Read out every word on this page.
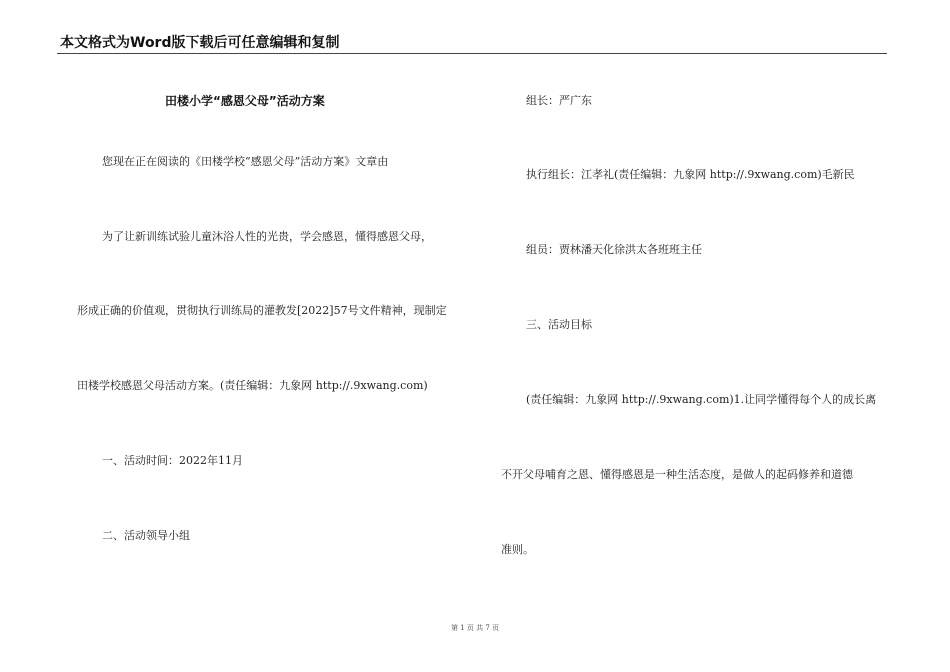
本文格式为Word版下载后可任意编辑和复制
田楼小学“感恩父母”活动方案
您现在正在阅读的《田楼学校“感恩父母”活动方案》文章由
为了让新训练试验儿童沐浴人性的光贵，学会感恩，懂得感恩父母，
形成正确的价值观，贯彻执行训练局的灌教发[2022]57号文件精神，现制定
田楼学校感恩父母活动方案。(责任编辑：九象网 http://.9xwang.com)
一、活动时间：2022年11月
二、活动领导小组
组长：严广东
执行组长：江孝礼(责任编辑：九象网 http://.9xwang.com)毛新民
组员：贾林潘天化徐洪太各班班主任
三、活动目标
(责任编辑：九象网 http://.9xwang.com)1.让同学懂得每个人的成长离
不开父母哺育之恩、懂得感恩是一种生活态度，是做人的起码修养和道德
准则。
第 1 页 共 7 页
